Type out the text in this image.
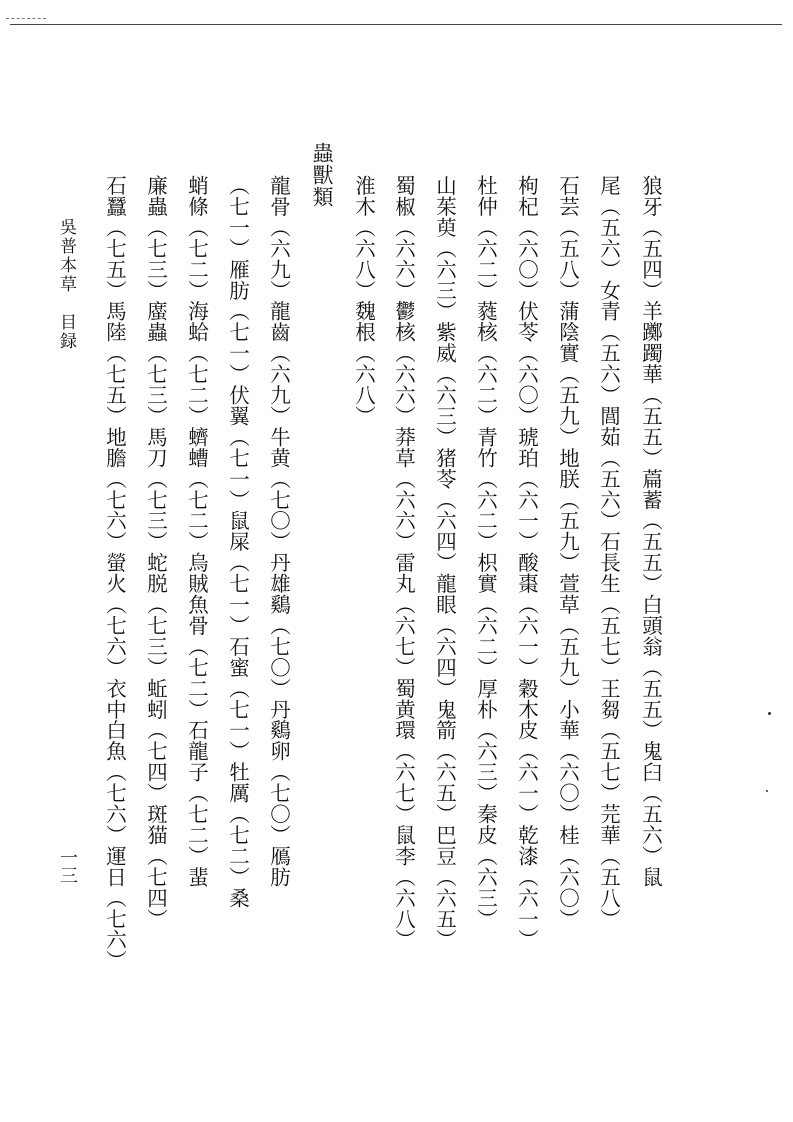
狼牙（五四）羊躑躅華（五五）萹蓄（五五）白頭翁（五五）鬼臼（五六）鼠
尾（五六）女青（五六）閭茹（五六）石長生（五七）王芻（五七）芫華（五八）
石芸（五八）蒲陰實（五九）地朕（五九）萱草（五九）小華（六〇）桂（六〇）
枸杞（六〇）伏苓（六〇）琥珀（六一）酸棗（六一）穀木皮（六一）乾漆（六一）
杜仲（六二）蕤核（六二）青竹（六二）枳實（六二）厚朴（六三）秦皮（六三）
山茱萸（六三）紫威（六三）猪苓（六四）龍眼（六四）鬼箭（六五）巴豆（六五）
蜀椒（六六）鬱核（六六）莽草（六六）雷丸（六七）蜀黄環（六七）鼠李（六八）
淮木（六八）魏根（六八）
蟲獸類
龍骨（六九）龍齒（六九）牛黄（七〇）丹雄鷄（七〇）丹鷄卵（七〇）鴈肪
（七一）雁肪（七一）伏翼（七一）鼠屎（七一）石蜜（七一）牡厲（七二）桑
蛸條（七二）海蛤（七二）蠐螬（七二）烏賊魚骨（七二）石龍子（七二）蜚
廉蟲（七三）䗪蟲（七三）馬刀（七三）蛇脱（七三）蚯蚓（七四）斑猫（七四）
石蠶（七五）馬陸（七五）地膽（七六）螢火（七六）衣中白魚（七六）運日（七六）
吳普本草　目録
一三
